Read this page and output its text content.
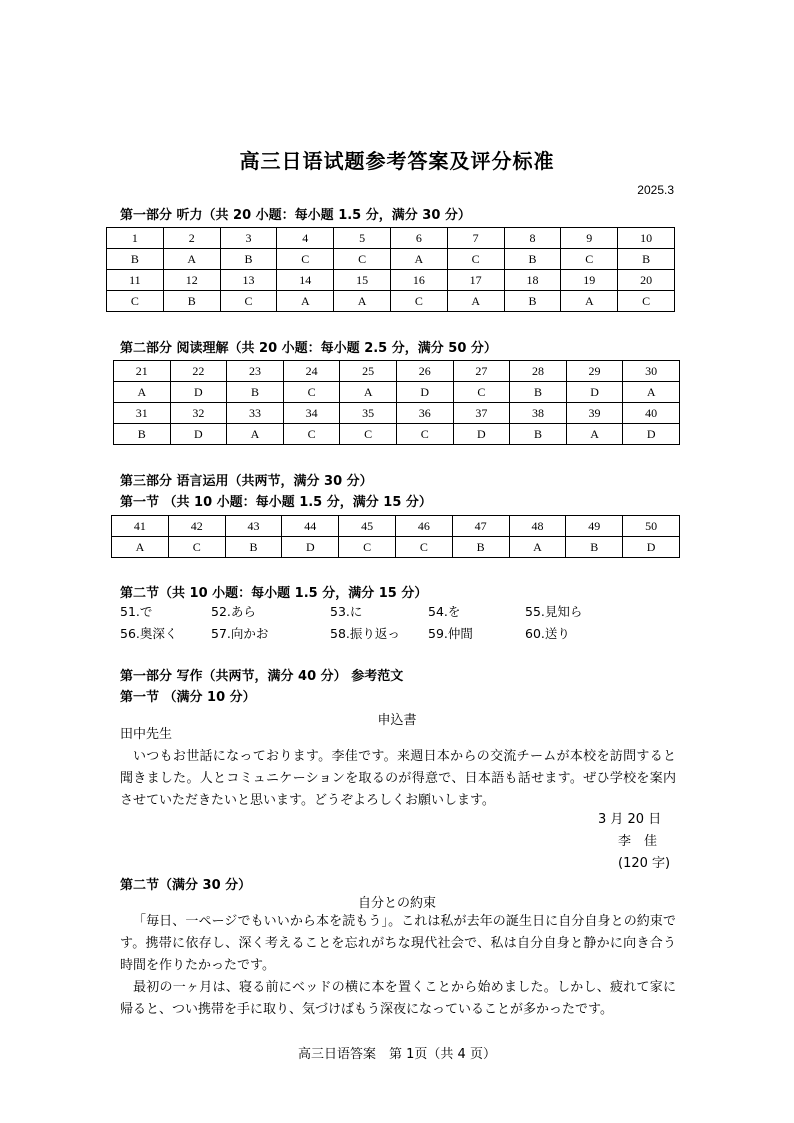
高三日语试题参考答案及评分标准
2025.3
第一部分 听力（共 20 小题：每小题 1.5 分，满分 30 分）
1	2	3	4	5	6	7	8	9	10
B	A	B	C	C	A	C	B	C	B
11	12	13	14	15	16	17	18	19	20
C	B	C	A	A	C	A	B	A	C
第二部分 阅读理解（共 20 小题：每小题 2.5 分，满分 50 分）
21	22	23	24	25	26	27	28	29	30
A	D	B	C	A	D	C	B	D	A
31	32	33	34	35	36	37	38	39	40
B	D	A	C	C	C	D	B	A	D
第三部分 语言运用（共两节，满分 30 分）
第一节 （共 10 小题：每小题 1.5 分，满分 15 分）
41	42	43	44	45	46	47	48	49	50
A	C	B	D	C	C	B	A	B	D
第二节（共 10 小题：每小题 1.5 分，满分 15 分）
51.で	52.あら	53.に	54.を	55.見知ら
56.奥深く	57.向かお	58.振り返っ 59.仲間	60.送り
第一部分 写作（共两节，满分 40 分） 参考范文
第一节 （满分 10 分）
申込書
田中先生

いつもお世話になっております。李佳です。来週日本からの交流チームが本校を訪問すると聞きました。人とコミュニケーションを取るのが得意で、日本語も話せます。ぜひ学校を案内させていただきたいと思います。どうぞよろしくお願いします。

3 月 20 日
李　佳
(120 字)
第二节（满分 30 分）
自分との約束

「毎日、一ページでもいいから本を読もう」。これは私が去年の誕生日に自分自身との約束です。携帯に依存し、深く考えることを忘れがちな現代社会で、私は自分自身と静かに向き合う時間を作りたかったです。

最初の一ヶ月は、寝る前にベッドの横に本を置くことから始めました。しかし、疲れて家に帰ると、つい携帯を手に取り、気づけばもう深夜になっていることが多かったです。

高三日语答案　第 1页（共 4 页）
